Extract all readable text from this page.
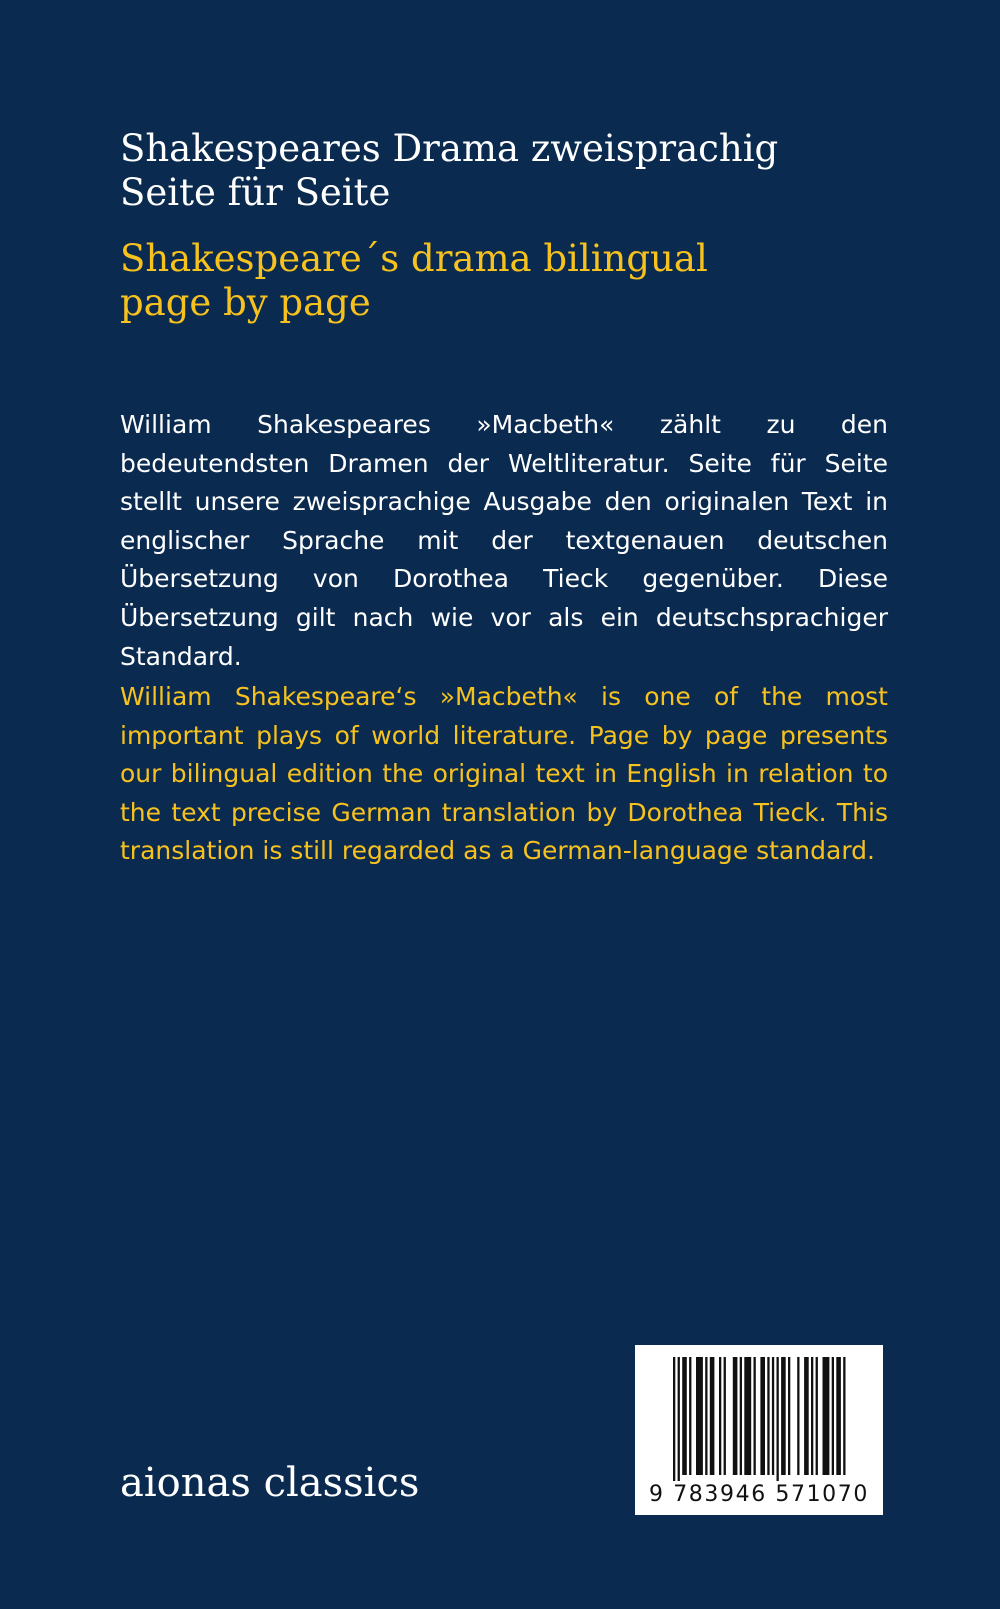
Shakespeares Drama zweisprachig
Seite für Seite
Shakespeare´s drama bilingual
page by page

William Shakespeares »Macbeth« zählt zu den bedeutendsten Dramen der Weltliteratur. Seite für Seite stellt unsere zweisprachige Ausgabe den originalen Text in englischer Sprache mit der textgenauen deutschen Übersetzung von Dorothea Tieck gegenüber. Diese Übersetzung gilt nach wie vor als ein deutschsprachiger Standard.

William Shakespeare‘s »Macbeth« is one of the most important plays of world literature. Page by page presents our bilingual edition the original text in English in relation to the text precise German translation by Dorothea Tieck. This translation is still regarded as a German-language standard.

aionas classics	9 783946 571070
